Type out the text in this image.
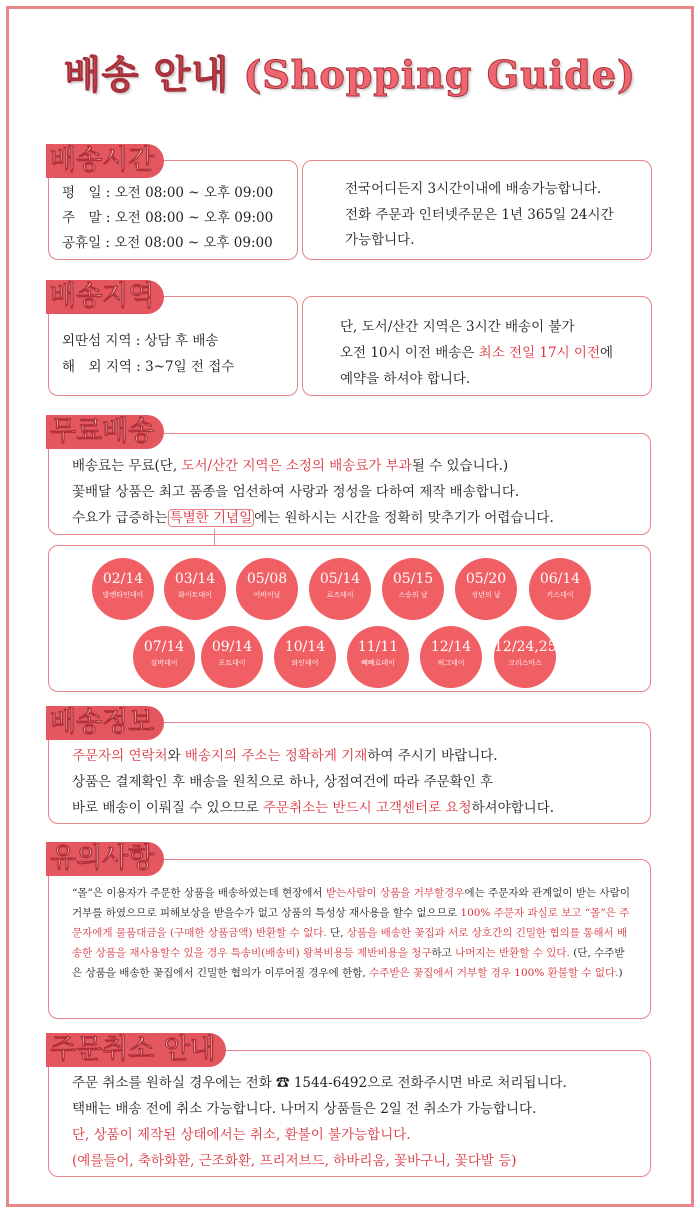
배송 안내 (Shopping Guide)
배송시간
평　일 : 오전 08:00 ~ 오후 09:00
주　말 : 오전 08:00 ~ 오후 09:00
공휴일 : 오전 08:00 ~ 오후 09:00
전국어디든지 3시간이내에 배송가능합니다.
전화 주문과 인터넷주문은 1년 365일 24시간
가능합니다.
배송지역
외딴섬 지역 : 상담 후 배송
해　외 지역 : 3~7일 전 접수
단, 도서/산간 지역은 3시간 배송이 불가
오전 10시 이전 배송은 최소 전일 17시 이전에
예약을 하셔야 합니다.
무료배송
배송료는 무료(단, 도서/산간 지역은 소정의 배송료가 부과될 수 있습니다.)
꽃배달 상품은 최고 품종을 엄선하여 사랑과 정성을 다하여 제작 배송합니다.
수요가 급증하는 특별한 기념일 에는 원하시는 시간을 정확히 맞추기가 어렵습니다.
02/14
발렌타인데이
03/14
화이트데이
05/08
어버이날
05/14
로즈데이
05/15
스승의 날
05/20
성년의 날
06/14
키스데이
07/14
실버데이
09/14
포토데이
10/14
와인데이
11/11
빼빼로데이
12/14
허그데이
12/24,25
크리스마스
배송정보
주문자의 연락처와 배송지의 주소는 정확하게 기재하여 주시기 바랍니다.
상품은 결제확인 후 배송을 원칙으로 하나, 상점여건에 따라 주문확인 후
바로 배송이 이뤄질 수 있으므로 주문취소는 반드시 고객센터로 요청하셔야합니다.
유의사항
“몰”은 이용자가 주문한 상품을 배송하였는데 현장에서 받는사람이 상품을 거부할경우에는 주문자와 관계없이 받는 사람이 거부를 하였으므로 피해보상을 받을수가 없고 상품의 특성상 재사용을 할수 없으므로 100% 주문자 과실로 보고 “몰”은 주문자에게 물품대금을 (구매한 상품금액) 반환할 수 없다. 단, 상품을 배송한 꽃집과 서로 상호간의 긴밀한 협의를 통해서 배송한 상품을 재사용할수 있을 경우 특송비(배송비) 왕복비용등 제반비용을 청구하고 나머지는 반환할 수 있다. (단, 수주받은 상품을 배송한 꽃집에서 긴밀한 협의가 이루어질 경우에 한함, 수주받은 꽃집에서 거부할 경우 100% 환불할 수 없다.)
주문취소 안내
주문 취소를 원하실 경우에는 전화 ☎ 1544-6492으로 전화주시면 바로 처리됩니다.
택배는 배송 전에 취소 가능합니다. 나머지 상품들은 2일 전 취소가 가능합니다.
단, 상품이 제작된 상태에서는 취소, 환불이 불가능합니다.
(예를들어, 축하화환, 근조화환, 프리저브드, 하바리움, 꽃바구니, 꽃다발 등)
